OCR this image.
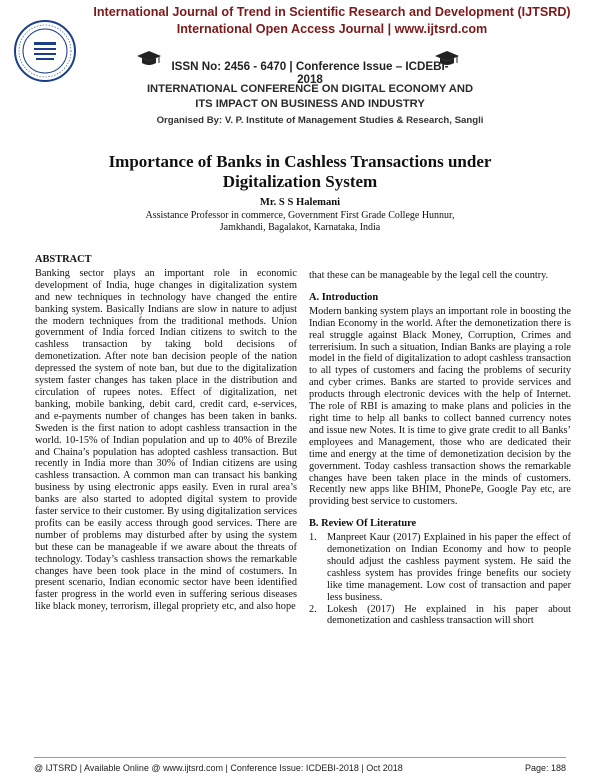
International Journal of Trend in Scientific Research and Development (IJTSRD)
International Open Access Journal | www.ijtsrd.com
ISSN No: 2456 - 6470 | Conference Issue – ICDEBI-2018
INTERNATIONAL CONFERENCE ON DIGITAL ECONOMY AND
ITS IMPACT ON BUSINESS AND INDUSTRY
Organised By: V. P. Institute of Management Studies & Research, Sangli
Importance of Banks in Cashless Transactions under
Digitalization System
Mr. S S Halemani
Assistance Professor in commerce, Government First Grade College Hunnur,
Jamkhandi, Bagalakot, Karnataka, India
ABSTRACT

Banking sector plays an important role in economic development of India, huge changes in digitalization system and new techniques in technology have changed the entire banking system. Basically Indians are slow in nature to adjust the modern techniques from the traditional methods. Union government of India forced Indian citizens to switch to the cashless transaction by taking bold decisions of demonetization. After note ban decision people of the nation depressed the system of note ban, but due to the digitalization system faster changes has taken place in the distribution and circulation of rupees notes. Effect of digitalization, net banking, mobile banking, debit card, credit card, e-services, and e-payments number of changes has been taken in banks. Sweden is the first nation to adopt cashless transaction in the world. 10-15% of Indian population and up to 40% of Brezile and Chaina’s population has adopted cashless transaction. But recently in India more than 30% of Indian citizens are using cashless transaction. A common man can transact his banking business by using electronic apps easily. Even in rural area’s banks are also started to adopted digital system to provide faster service to their customer. By using digitalization services profits can be easily access through good services. There are number of problems may disturbed after by using the system but these can be manageable if we aware about the threats of technology. Today’s cashless transaction shows the remarkable changes have been took place in the mind of costumers. In present scenario, Indian economic sector have been identified faster progress in the world even in suffering serious diseases like black money, terrorism, illegal propriety etc, and also hope

that these can be manageable by the legal cell the country.

A. Introduction

Modern banking system plays an important role in boosting the Indian Economy in the world. After the demonetization there is real struggle against Black Money, Corruption, Crimes and terrerisium. In such a situation, Indian Banks are playing a role model in the field of digitalization to adopt cashless transaction to all types of customers and facing the problems of security and cyber crimes. Banks are started to provide services and products through electronic devices with the help of Internet. The role of RBI is amazing to make plans and policies in the right time to help all banks to collect banned currency notes and issue new Notes. It is time to give grate credit to all Banks’ employees and Management, those who are dedicated their time and energy at the time of demonetization decision by the government. Today cashless transaction shows the remarkable changes have been taken place in the minds of customers. Recently new apps like BHIM, PhonePe, Google Pay etc, are providing best service to customers.

B. Review Of Literature
1. Manpreet Kaur (2017) Explained in his paper the effect of demonetization on Indian Economy and how to people should adjust the cashless payment system. He said the cashless system has provides fringe benefits our society like time management. Low cost of transaction and paper less business.
2. Lokesh (2017) He explained in his paper about demonetization and cashless transaction will short
@ IJTSRD | Available Online @ www.ijtsrd.com | Conference Issue: ICDEBI-2018 | Oct 2018	Page: 188
